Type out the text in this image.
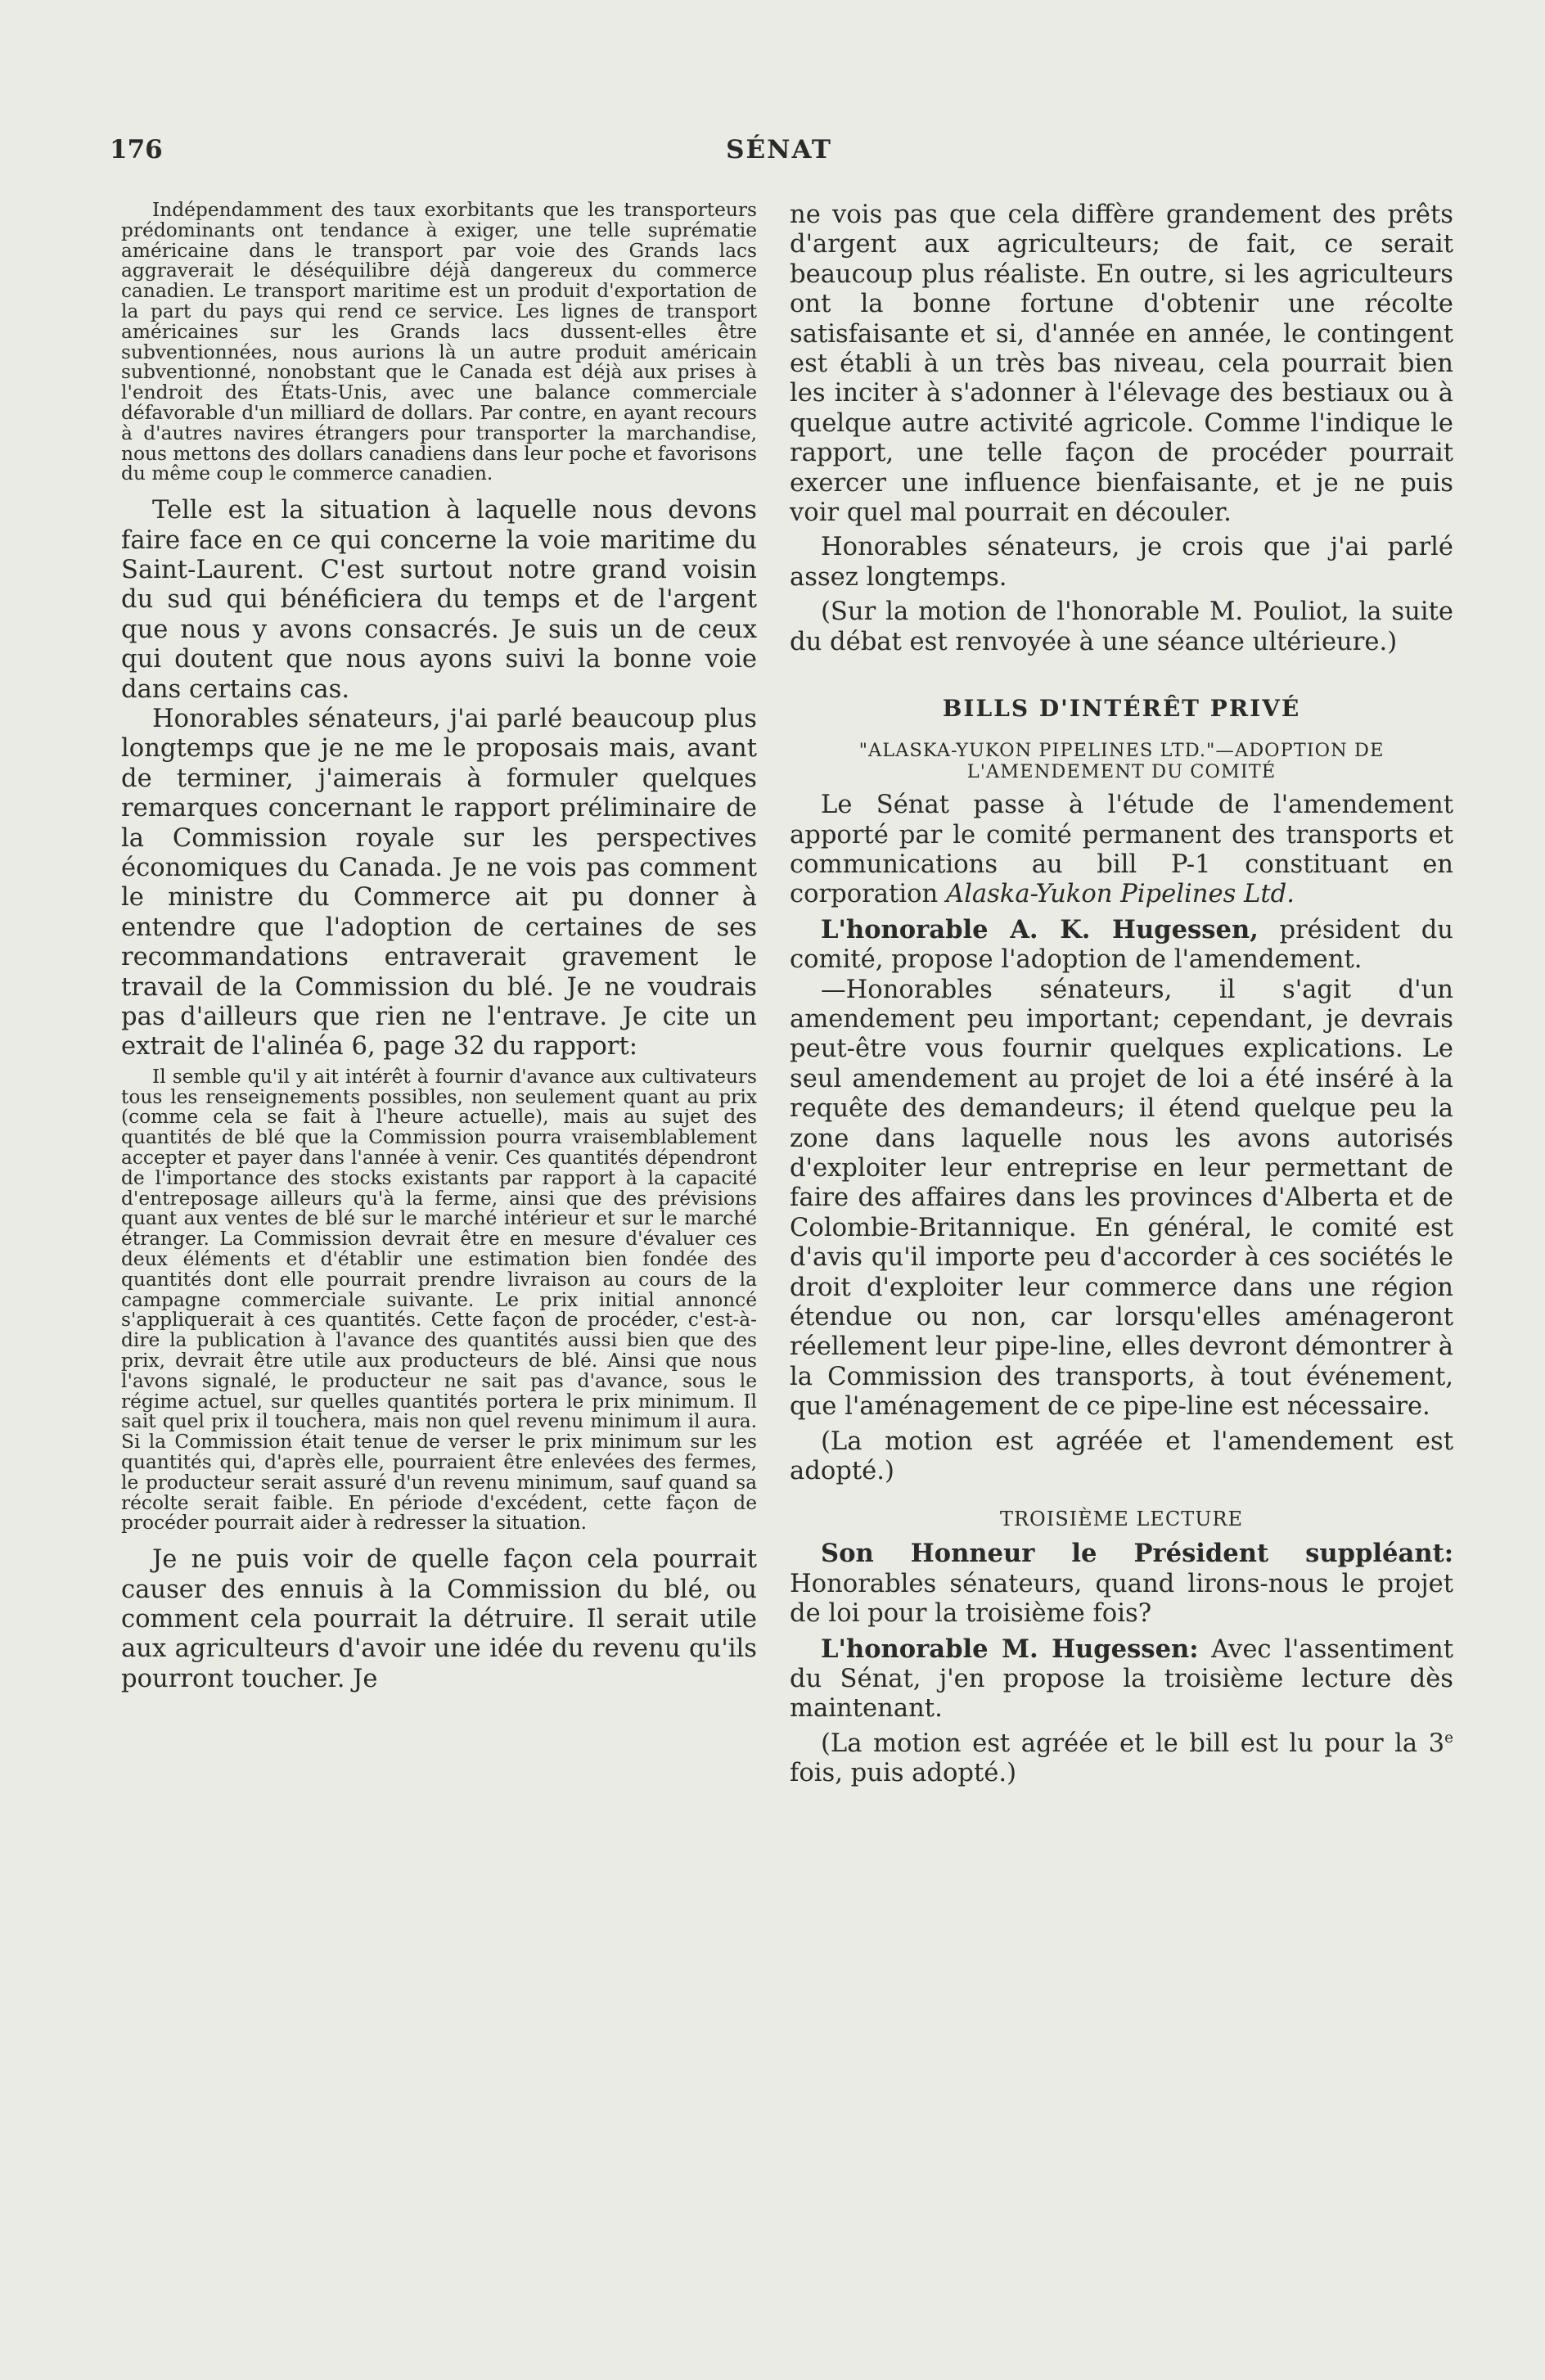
176	SÉNAT

Indépendamment des taux exorbitants que les transporteurs prédominants ont tendance à exiger, une telle suprématie américaine dans le transport par voie des Grands lacs aggraverait le déséquilibre déjà dangereux du commerce canadien. Le transport maritime est un produit d'exportation de la part du pays qui rend ce service. Les lignes de transport américaines sur les Grands lacs dussent-elles être subventionnées, nous aurions là un autre produit américain subventionné, nonobstant que le Canada est déjà aux prises à l'endroit des États-Unis, avec une balance commerciale défavorable d'un milliard de dollars. Par contre, en ayant recours à d'autres navires étrangers pour transporter la marchandise, nous mettons des dollars canadiens dans leur poche et favorisons du même coup le commerce canadien.

Telle est la situation à laquelle nous devons faire face en ce qui concerne la voie maritime du Saint-Laurent. C'est surtout notre grand voisin du sud qui bénéficiera du temps et de l'argent que nous y avons consacrés. Je suis un de ceux qui doutent que nous ayons suivi la bonne voie dans certains cas.

Honorables sénateurs, j'ai parlé beaucoup plus longtemps que je ne me le proposais mais, avant de terminer, j'aimerais à formuler quelques remarques concernant le rapport préliminaire de la Commission royale sur les perspectives économiques du Canada. Je ne vois pas comment le ministre du Commerce ait pu donner à entendre que l'adoption de certaines de ses recommandations entraverait gravement le travail de la Commission du blé. Je ne voudrais pas d'ailleurs que rien ne l'entrave. Je cite un extrait de l'alinéa 6, page 32 du rapport:

Il semble qu'il y ait intérêt à fournir d'avance aux cultivateurs tous les renseignements possibles, non seulement quant au prix (comme cela se fait à l'heure actuelle), mais au sujet des quantités de blé que la Commission pourra vraisemblablement accepter et payer dans l'année à venir. Ces quantités dépendront de l'importance des stocks existants par rapport à la capacité d'entreposage ailleurs qu'à la ferme, ainsi que des prévisions quant aux ventes de blé sur le marché intérieur et sur le marché étranger. La Commission devrait être en mesure d'évaluer ces deux éléments et d'établir une estimation bien fondée des quantités dont elle pourrait prendre livraison au cours de la campagne commerciale suivante. Le prix initial annoncé s'appliquerait à ces quantités. Cette façon de procéder, c'est-à-dire la publication à l'avance des quantités aussi bien que des prix, devrait être utile aux producteurs de blé. Ainsi que nous l'avons signalé, le producteur ne sait pas d'avance, sous le régime actuel, sur quelles quantités portera le prix minimum. Il sait quel prix il touchera, mais non quel revenu minimum il aura. Si la Commission était tenue de verser le prix minimum sur les quantités qui, d'après elle, pourraient être enlevées des fermes, le producteur serait assuré d'un revenu minimum, sauf quand sa récolte serait faible. En période d'excédent, cette façon de procéder pourrait aider à redresser la situation.

Je ne puis voir de quelle façon cela pourrait causer des ennuis à la Commission du blé, ou comment cela pourrait la détruire. Il serait utile aux agriculteurs d'avoir une idée du revenu qu'ils pourront toucher. Je

ne vois pas que cela diffère grandement des prêts d'argent aux agriculteurs; de fait, ce serait beaucoup plus réaliste. En outre, si les agriculteurs ont la bonne fortune d'obtenir une récolte satisfaisante et si, d'année en année, le contingent est établi à un très bas niveau, cela pourrait bien les inciter à s'adonner à l'élevage des bestiaux ou à quelque autre activité agricole. Comme l'indique le rapport, une telle façon de procéder pourrait exercer une influence bienfaisante, et je ne puis voir quel mal pourrait en découler.

Honorables sénateurs, je crois que j'ai parlé assez longtemps.

(Sur la motion de l'honorable M. Pouliot, la suite du débat est renvoyée à une séance ultérieure.)

BILLS D'INTÉRÊT PRIVÉ
"ALASKA-YUKON PIPELINES LTD."—ADOPTION DE L'AMENDEMENT DU COMITÉ

Le Sénat passe à l'étude de l'amendement apporté par le comité permanent des transports et communications au bill P-1 constituant en corporation Alaska-Yukon Pipelines Ltd.

L'honorable A. K. Hugessen, président du comité, propose l'adoption de l'amendement.

—Honorables sénateurs, il s'agit d'un amendement peu important; cependant, je devrais peut-être vous fournir quelques explications. Le seul amendement au projet de loi a été inséré à la requête des demandeurs; il étend quelque peu la zone dans laquelle nous les avons autorisés d'exploiter leur entreprise en leur permettant de faire des affaires dans les provinces d'Alberta et de Colombie-Britannique. En général, le comité est d'avis qu'il importe peu d'accorder à ces sociétés le droit d'exploiter leur commerce dans une région étendue ou non, car lorsqu'elles aménageront réellement leur pipe-line, elles devront démontrer à la Commission des transports, à tout événement, que l'aménagement de ce pipe-line est nécessaire.

(La motion est agréée et l'amendement est adopté.)

TROISIÈME LECTURE

Son Honneur le Président suppléant: Honorables sénateurs, quand lirons-nous le projet de loi pour la troisième fois?

L'honorable M. Hugessen: Avec l'assentiment du Sénat, j'en propose la troisième lecture dès maintenant.

(La motion est agréée et le bill est lu pour la 3e fois, puis adopté.)
